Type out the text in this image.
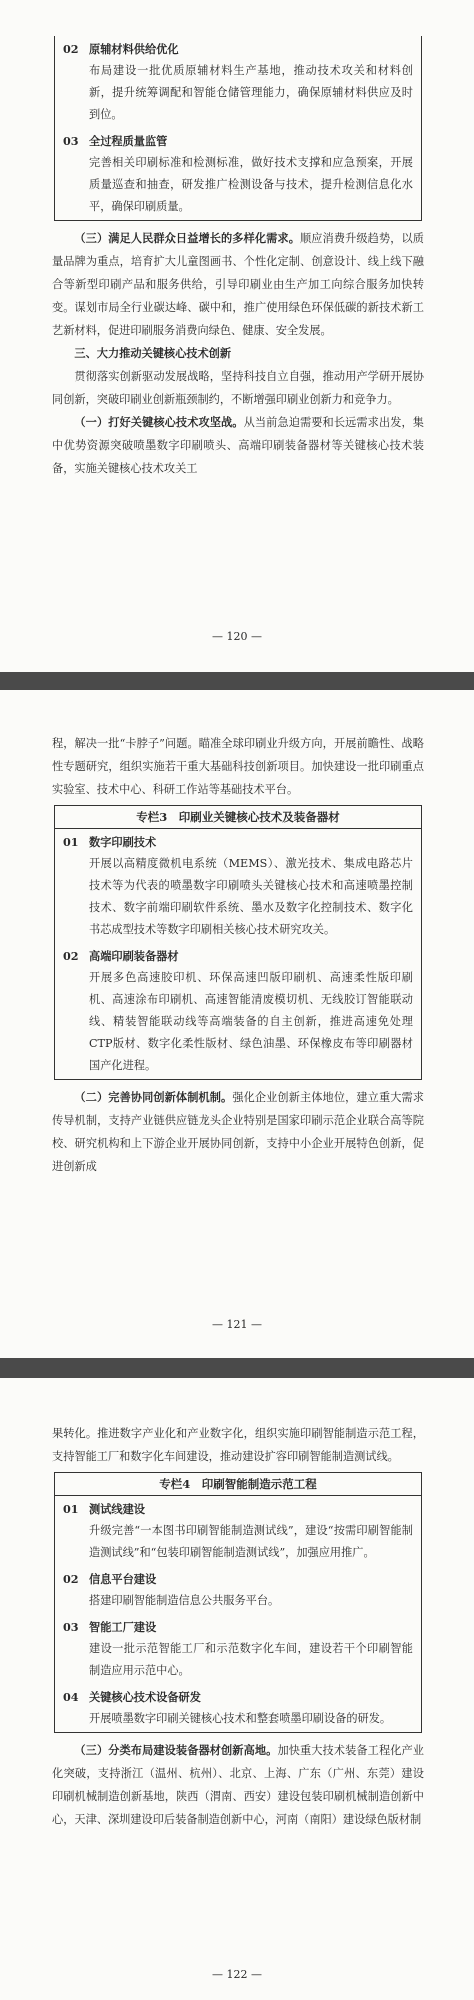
02 原辅材料供给优化
布局建设一批优质原辅材料生产基地，推动技术攻关和材料创新，提升统筹调配和智能仓储管理能力，确保原辅材料供应及时到位。
03 全过程质量监管
完善相关印刷标准和检测标准，做好技术支撑和应急预案，开展质量巡查和抽查，研发推广检测设备与技术，提升检测信息化水平，确保印刷质量。

（三）满足人民群众日益增长的多样化需求。顺应消费升级趋势，以质量品牌为重点，培育扩大儿童图画书、个性化定制、创意设计、线上线下融合等新型印刷产品和服务供给，引导印刷业由生产加工向综合服务加快转变。谋划市局全行业碳达峰、碳中和，推广使用绿色环保低碳的新技术新工艺新材料，促进印刷服务消费向绿色、健康、安全发展。

三、大力推动关键核心技术创新

贯彻落实创新驱动发展战略，坚持科技自立自强，推动用产学研开展协同创新，突破印刷业创新瓶颈制约，不断增强印刷业创新力和竞争力。

（一）打好关键核心技术攻坚战。从当前急迫需要和长远需求出发，集中优势资源突破喷墨数字印刷喷头、高端印刷装备器材等关键核心技术装备，实施关键核心技术攻关工

— 120 —

程，解决一批“卡脖子”问题。瞄准全球印刷业升级方向，开展前瞻性、战略性专题研究，组织实施若干重大基础科技创新项目。加快建设一批印刷重点实验室、技术中心、科研工作站等基础技术平台。

专栏3　印刷业关键核心技术及装备器材
01 数字印刷技术
开展以高精度微机电系统（MEMS）、激光技术、集成电路芯片技术等为代表的喷墨数字印刷喷头关键核心技术和高速喷墨控制技术、数字前端印刷软件系统、墨水及数字化控制技术、数字化书芯成型技术等数字印刷相关核心技术研究攻关。
02 高端印刷装备器材
开展多色高速胶印机、环保高速凹版印刷机、高速柔性版印刷机、高速涂布印刷机、高速智能清废模切机、无线胶订智能联动线、精装智能联动线等高端装备的自主创新，推进高速免处理CTP版材、数字化柔性版材、绿色油墨、环保橡皮布等印刷器材国产化进程。

（二）完善协同创新体制机制。强化企业创新主体地位，建立重大需求传导机制，支持产业链供应链龙头企业特别是国家印刷示范企业联合高等院校、研究机构和上下游企业开展协同创新，支持中小企业开展特色创新，促进创新成

— 121 —

果转化。推进数字产业化和产业数字化，组织实施印刷智能制造示范工程，支持智能工厂和数字化车间建设，推动建设扩容印刷智能制造测试线。

专栏4　印刷智能制造示范工程
01 测试线建设
升级完善“一本图书印刷智能制造测试线”，建设“按需印刷智能制造测试线”和“包装印刷智能制造测试线”，加强应用推广。
02 信息平台建设
搭建印刷智能制造信息公共服务平台。
03 智能工厂建设
建设一批示范智能工厂和示范数字化车间，建设若干个印刷智能制造应用示范中心。
04 关键核心技术设备研发
开展喷墨数字印刷关键核心技术和整套喷墨印刷设备的研发。

（三）分类布局建设装备器材创新高地。加快重大技术装备工程化产业化突破，支持浙江（温州、杭州）、北京、上海、广东（广州、东莞）建设印刷机械制造创新基地，陕西（渭南、西安）建设包装印刷机械制造创新中心，天津、深圳建设印后装备制造创新中心，河南（南阳）建设绿色版材制

— 122 —
